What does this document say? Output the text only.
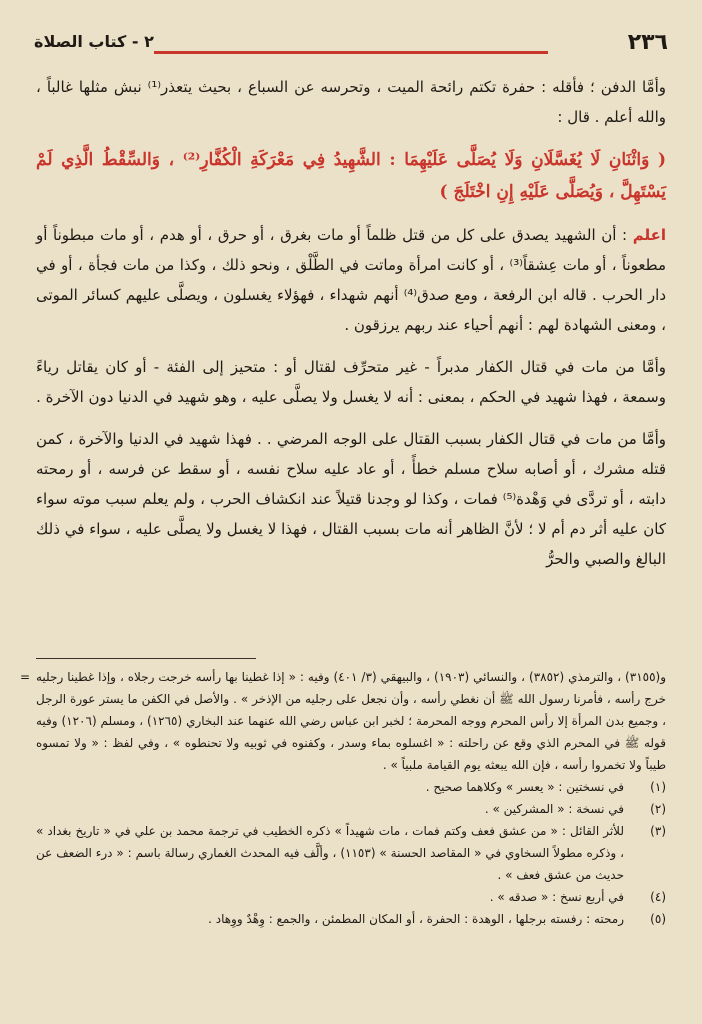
٢٣٦
٢ - كتاب الصلاة

وأمَّا الدفن ؛ فأقله : حفرة تكتم رائحة الميت ، وتحرسه عن السباع ، بحيث يتعذر⁽¹⁾ نبش مثلها غالباً ، والله أعلم . قال :

( وَاثْنَانِ لَا يُغَسَّلَانِ وَلَا يُصَلَّى عَلَيْهِمَا : الشَّهِيدُ فِي مَعْرَكَةِ الْكُفَّارِ⁽²⁾ ، وَالسِّقْطُ الَّذِي لَمْ يَسْتَهِلَّ ، وَيُصَلَّى عَلَيْهِ إِنِ اخْتَلَجَ )

اعلم : أن الشهيد يصدق على كل من قتل ظلماً أو مات بغرق ، أو حرق ، أو هدم ، أو مات مبطوناً أو مطعوناً ، أو مات عِشقاً⁽³⁾ ، أو كانت امرأة وماتت في الطَّلْق ، ونحو ذلك ، وكذا من مات فجأة ، أو في دار الحرب . قاله ابن الرفعة ، ومع صدق⁽⁴⁾ أنهم شهداء ، فهؤلاء يغسلون ، ويصلَّى عليهم كسائر الموتى ، ومعنى الشهادة لهم : أنهم أحياء عند ربهم يرزقون .

وأمَّا من مات في قتال الكفار مدبراً - غير متحرِّف لقتال أو : متحيز إلى الفئة - أو كان يقاتل رياءً وسمعة ، فهذا شهيد في الحكم ، بمعنى : أنه لا يغسل ولا يصلَّى عليه ، وهو شهيد في الدنيا دون الآخرة .

وأمَّا من مات في قتال الكفار بسبب القتال على الوجه المرضي . . فهذا شهيد في الدنيا والآخرة ، كمن قتله مشرك ، أو أصابه سلاح مسلم خطأً ، أو عاد عليه سلاح نفسه ، أو سقط عن فرسه ، أو رمحته دابته ، أو تردَّى في وَهْدة⁽⁵⁾ فمات ، وكذا لو وجدنا قتيلاً عند انكشاف الحرب ، ولم يعلم سبب موته سواء كان عليه أثر دم أم لا ؛ لأنَّ الظاهر أنه مات بسبب القتال ، فهذا لا يغسل ولا يصلَّى عليه ، سواء في ذلك البالغ والصبي والحرُّ

= و(٣١٥٥) ، والترمذي (٣٨٥٢) ، والنسائي (١٩٠٣) ، والبيهقي (٣/ ٤٠١) وفيه : « إذا غطينا بها رأسه خرجت رجلاه ، وإذا غطينا رجليه خرج رأسه ، فأمرنا رسول الله ﷺ أن نغطي رأسه ، وأن نجعل على رجليه من الإذخر » . والأصل في الكفن ما يستر عورة الرجل ، وجميع بدن المرأة إلا رأس المحرم ووجه المحرمة ؛ لخبر ابن عباس رضي الله عنهما عند البخاري (١٢٦٥) ، ومسلم (١٢٠٦) وفيه قوله ﷺ في المحرم الذي وقع عن راحلته : « اغسلوه بماء وسدر ، وكفنوه في ثوبيه ولا تحنطوه » ، وفي لفظ : « ولا تمسوه طيباً ولا تخمروا رأسه ، فإن الله يبعثه يوم القيامة ملبياً » .

(١)
في نسختين : « يعسر » وكلاهما صحيح .
(٢)
في نسخة : « المشركين » .
(٣)
للأثر القائل : « من عشق فعف وكتم فمات ، مات شهيداً » ذكره الخطيب في ترجمة محمد بن علي في « تاريخ بغداد » ، وذكره مطولاً السخاوي في « المقاصد الحسنة » (١١٥٣) ، وألَّف فيه المحدث الغماري رسالة باسم : « درء الضعف عن حديث من عشق فعف » .
(٤)
في أربع نسخ : « صدقه » .
(٥)
رمحته : رفسته برجلها ، الوهدة : الحفرة ، أو المكان المطمئن ، والجمع : وِهْدٌ ووِهاد .
